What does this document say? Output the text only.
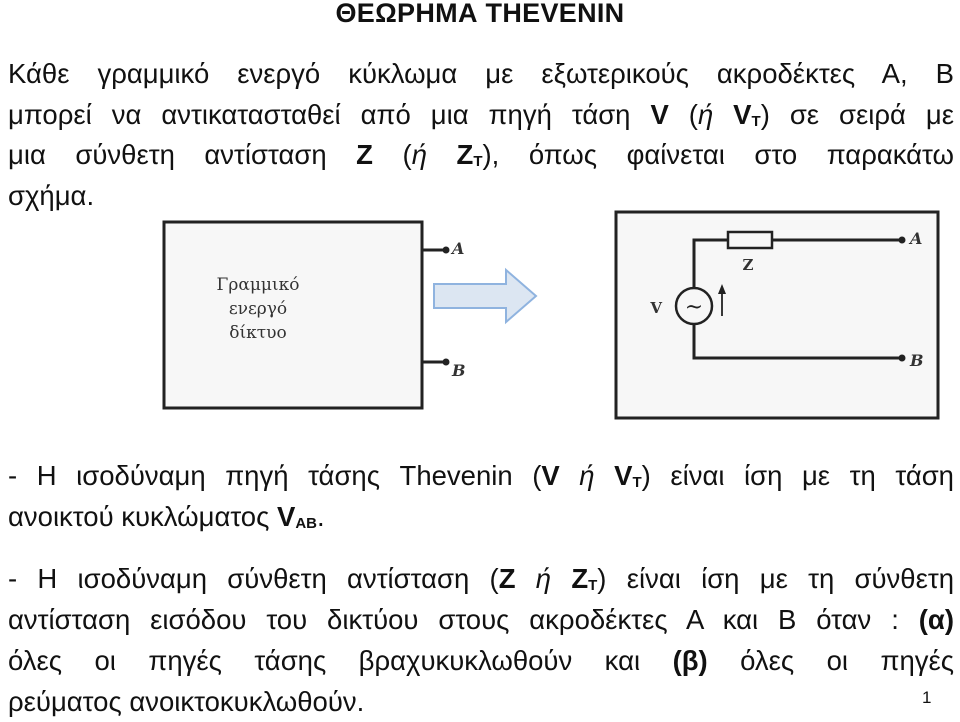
ΘΕΩΡΗΜΑ THEVENIN
Κάθε γραμμικό ενεργό κύκλωμα με εξωτερικούς ακροδέκτες Α, Β
μπορεί να αντικατασταθεί από μια πηγή τάση V (ή $V_T$) σε σειρά με
μια σύνθετη αντίσταση Z (ή $Z_T$), όπως φαίνεται στο παρακάτω
σχήμα.
Γραμμικό
ενεργό
δίκτυο
A
B
~
V
A
Z
B
- Η ισοδύναμη πηγή τάσης Thevenin (V ή $V_T$) είναι ίση με τη τάση
ανοικτού κυκλώματος $V_{AB}$.
- Η ισοδύναμη σύνθετη αντίσταση (Z ή $Z_T$) είναι ίση με τη σύνθετη
αντίσταση εισόδου του δικτύου στους ακροδέκτες Α και Β όταν : (α)
όλες οι πηγές τάσης βραχυκυκλωθούν και (β) όλες οι πηγές
ρεύματος ανοικτοκυκλωθούν.	1
